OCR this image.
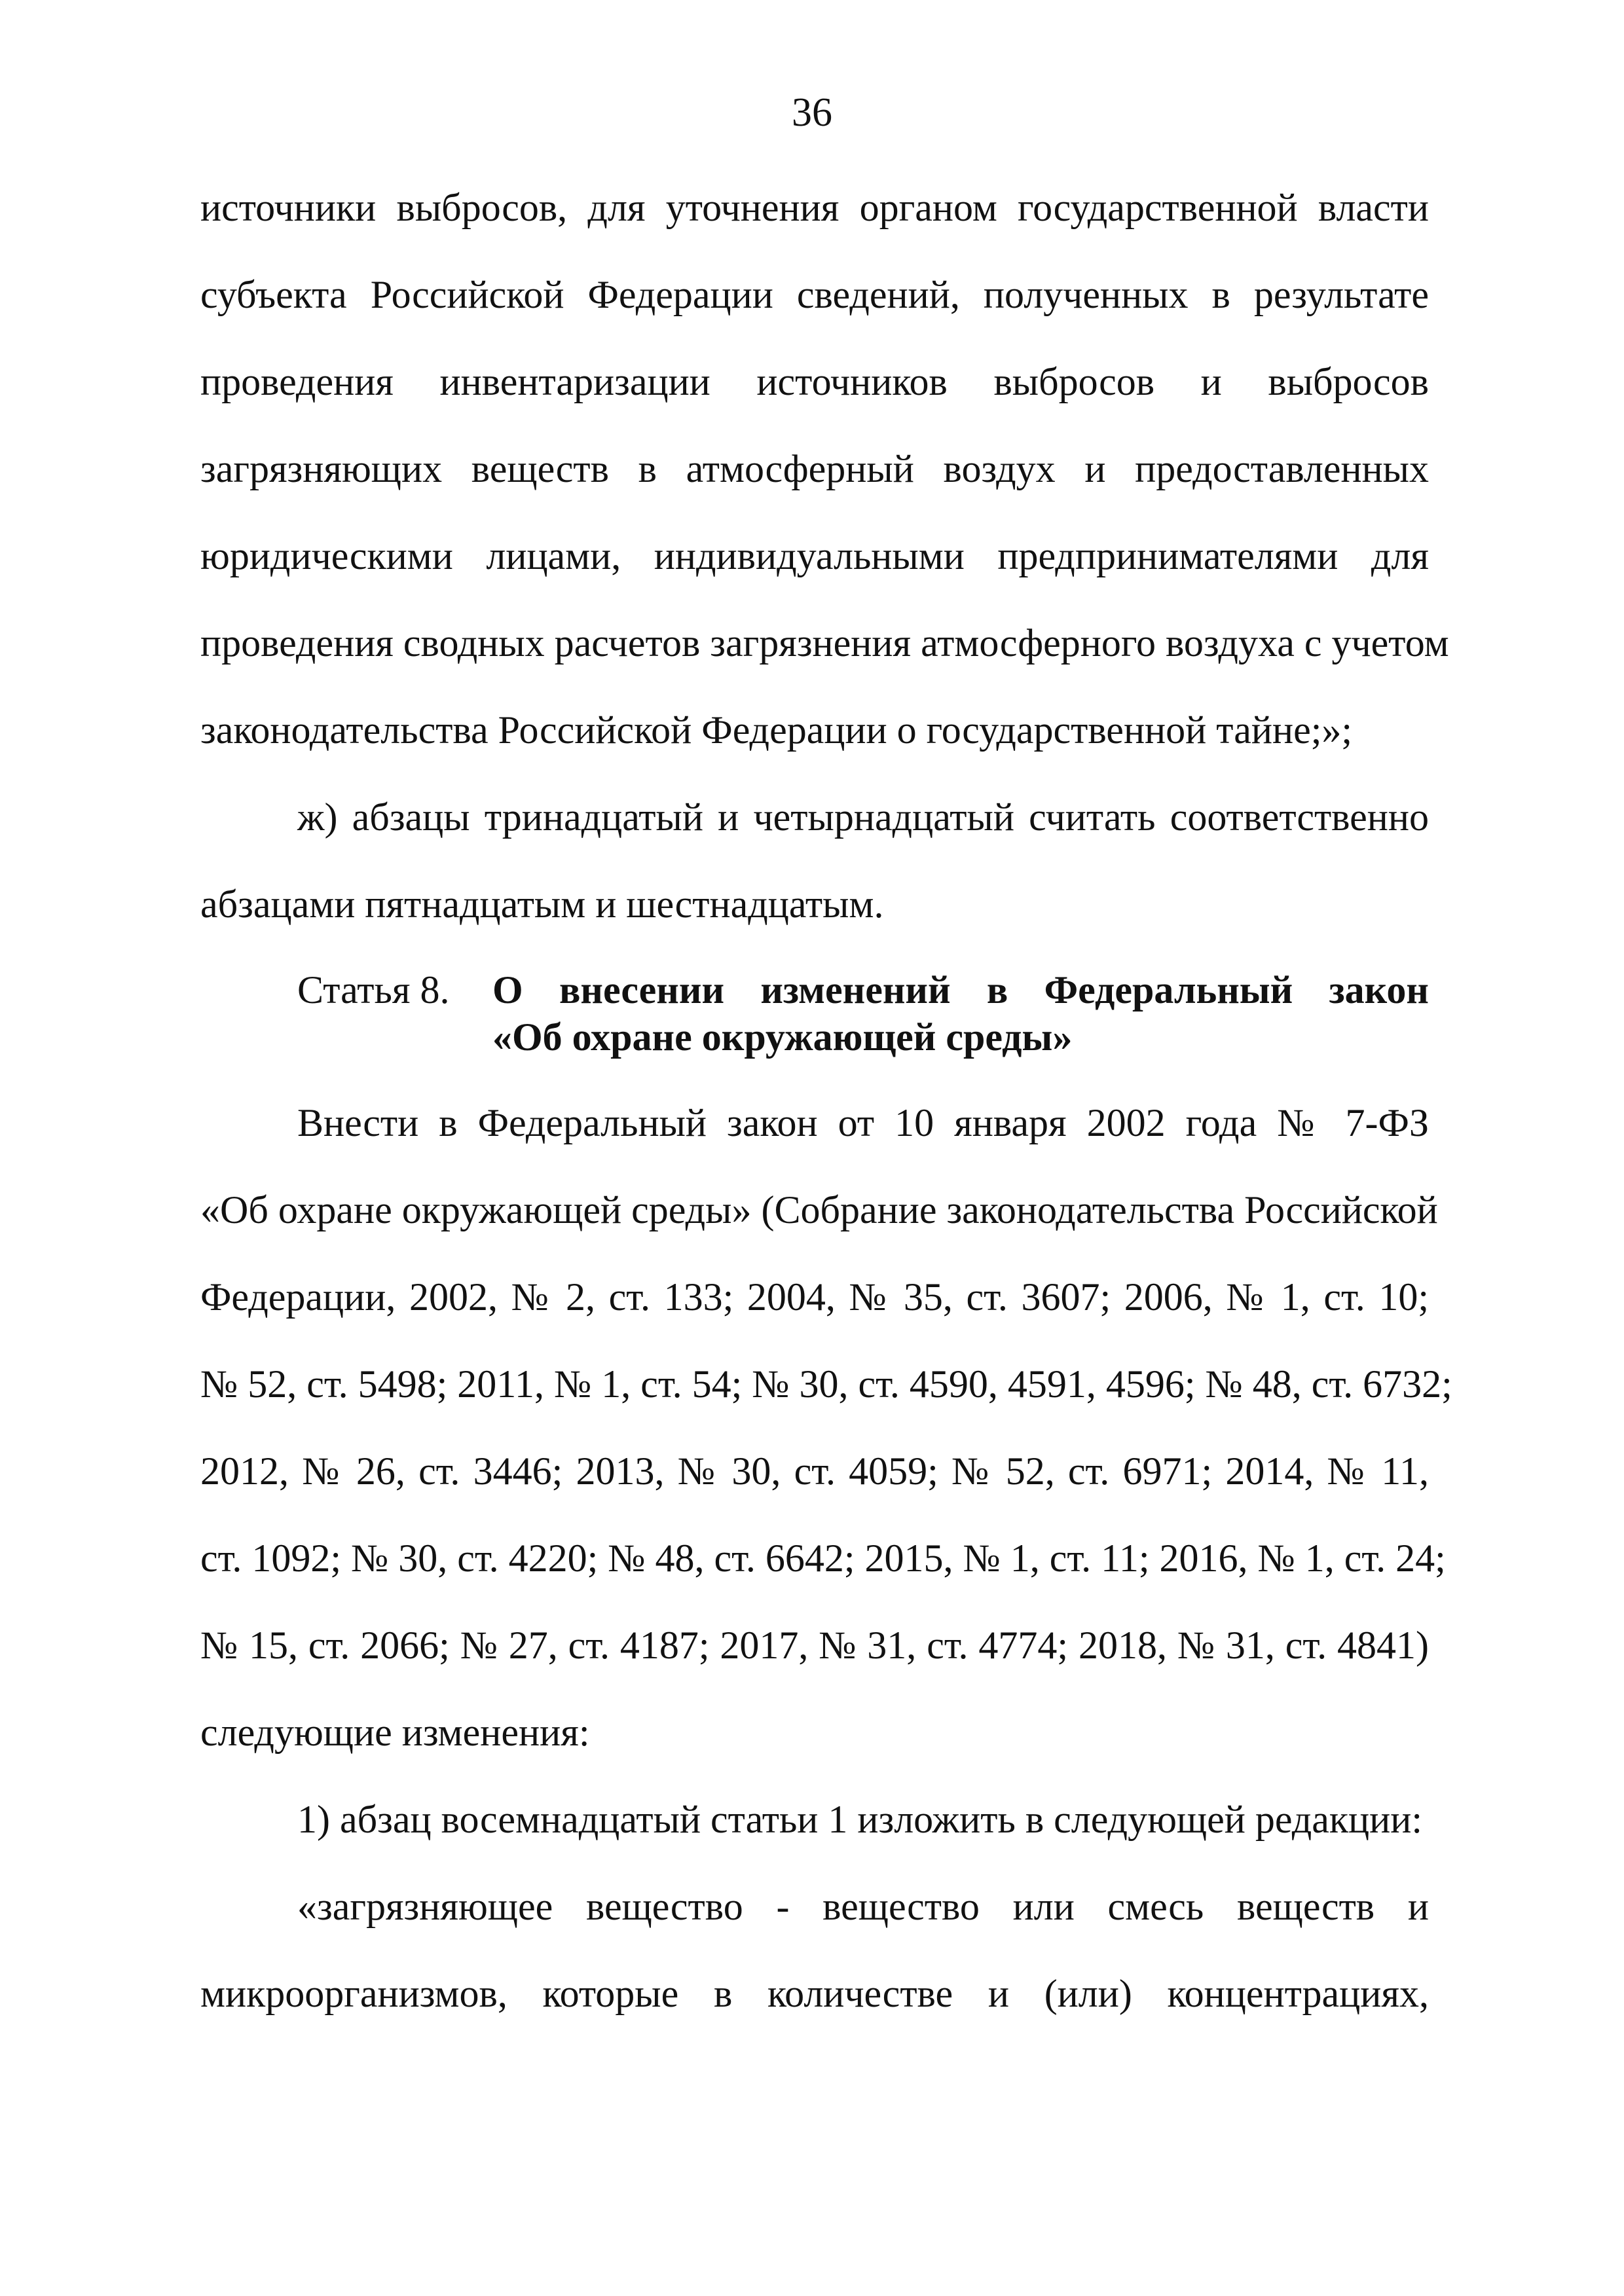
36
источники выбросов, для уточнения органом государственной власти
субъекта Российской Федерации сведений, полученных в результате
проведения инвентаризации источников выбросов и выбросов
загрязняющих веществ в атмосферный воздух и предоставленных
юридическими лицами, индивидуальными предпринимателями для
проведения сводных расчетов загрязнения атмосферного воздуха с учетом
законодательства Российской Федерации о государственной тайне;»;
ж) абзацы тринадцатый и четырнадцатый считать соответственно
абзацами пятнадцатым и шестнадцатым.
Статья 8.	О внесении изменений в Федеральный закон
«Об охране окружающей среды»
Внести в Федеральный закон от 10 января 2002 года № 7-ФЗ
«Об охране окружающей среды» (Собрание законодательства Российской
Федерации, 2002, № 2, ст. 133; 2004, № 35, ст. 3607; 2006, № 1, ст. 10;
№ 52, ст. 5498; 2011, № 1, ст. 54; № 30, ст. 4590, 4591, 4596; № 48, ст. 6732;
2012, № 26, ст. 3446; 2013, № 30, ст. 4059; № 52, ст. 6971; 2014, № 11,
ст. 1092; № 30, ст. 4220; № 48, ст. 6642; 2015, № 1, ст. 11; 2016, № 1, ст. 24;
№ 15, ст. 2066; № 27, ст. 4187; 2017, № 31, ст. 4774; 2018, № 31, ст. 4841)
следующие изменения:
1) абзац восемнадцатый статьи 1 изложить в следующей редакции:
«загрязняющее вещество - вещество или смесь веществ и
микроорганизмов, которые в количестве и (или) концентрациях,
